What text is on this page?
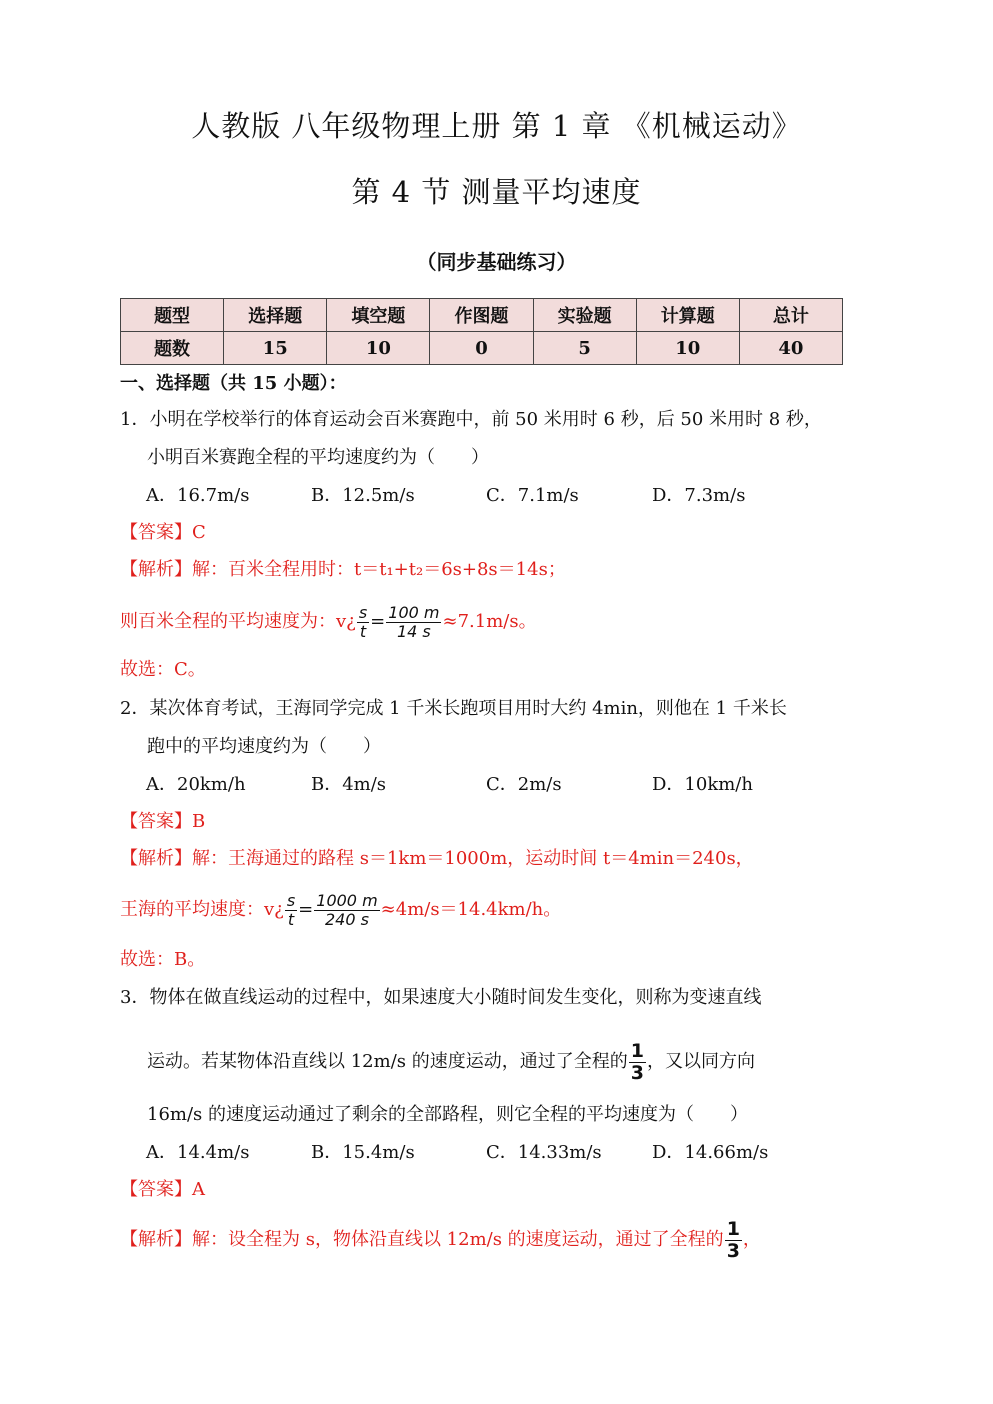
人教版 八年级物理上册 第 1 章 《机械运动》
第 4 节 测量平均速度
（同步基础练习）
题型	选择题	填空题	作图题	实验题	计算题	总计
题数	15	10	0	5	10	40
一、选择题（共 15 小题）：
1．小明在学校举行的体育运动会百米赛跑中，前 50 米用时 6 秒，后 50 米用时 8 秒，
小明百米赛跑全程的平均速度约为（　　）
A．16.7m/s	B．12.5m/s	C．7.1m/s	D．7.3m/s
【答案】C
【解析】解：百米全程用时：t＝t₁+t₂＝6s+8s＝14s；
则百米全程的平均速度为：v¿ $\frac{s}{t} = \frac{100 m}{14 s} \approx 7.1m/s$。
故选：C。
2．某次体育考试，王海同学完成 1 千米长跑项目用时大约 4min，则他在 1 千米长
跑中的平均速度约为（　　）
A．20km/h	B．4m/s	C．2m/s	D．10km/h
【答案】B
【解析】解：王海通过的路程 s＝1km＝1000m，运动时间 t＝4min＝240s，
王海的平均速度：v¿ $\frac{s}{t} = \frac{1000 m}{240 s} \approx 4m/s=14.4km/h$。
故选：B。
3．物体在做直线运动的过程中，如果速度大小随时间发生变化，则称为变速直线
运动。若某物体沿直线以 12m/s 的速度运动，通过了全程的 $\frac{1}{3}$ ，又以同方向
16m/s 的速度运动通过了剩余的全部路程，则它全程的平均速度为（　　）
A．14.4m/s	B．15.4m/s	C．14.33m/s	D．14.66m/s
【答案】A
【解析】解：设全程为 s，物体沿直线以 12m/s 的速度运动，通过了全程的 $\frac{1}{3}$ ，
